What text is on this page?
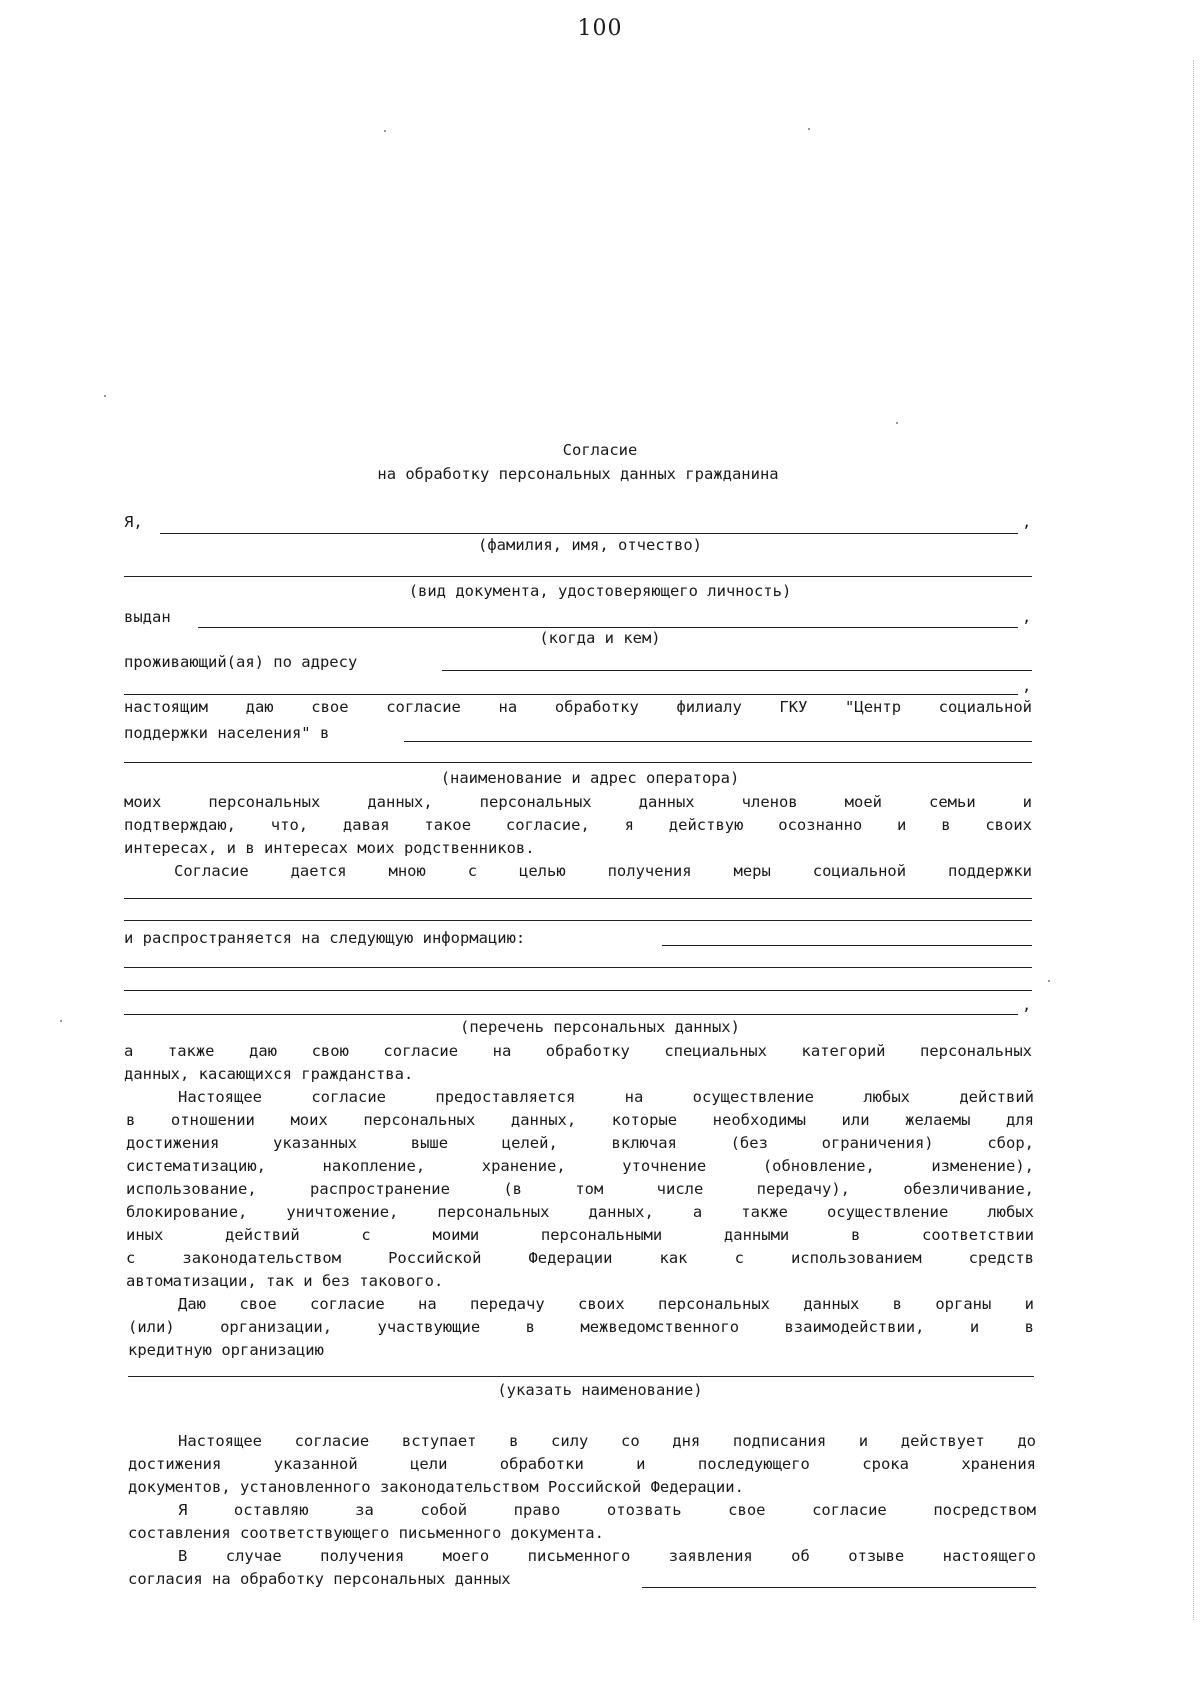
100
Согласие
на обработку персональных данных гражданина
Я,	,
(фамилия, имя, отчество)
(вид документа, удостоверяющего личность)
выдан	,
(когда и кем)
проживающий(ая) по адресу
,
настоящим даю свое согласие на обработку филиалу ГКУ "Центр социальной
поддержки населения" в
(наименование и адрес оператора)
моих персональных данных, персональных данных членов моей семьи и
подтверждаю, что, давая такое согласие, я действую осознанно и в своих
интересах, и в интересах моих родственников.
Согласие дается мною с целью получения меры социальной поддержки
и распространяется на следующую информацию:
,
(перечень персональных данных)
а также даю свою согласие на обработку специальных категорий персональных
данных, касающихся гражданства.
Настоящее согласие предоставляется на осуществление любых действий
в отношении моих персональных данных, которые необходимы или желаемы для
достижения указанных выше целей, включая (без ограничения) сбор,
систематизацию, накопление, хранение, уточнение (обновление, изменение),
использование, распространение (в том числе передачу), обезличивание,
блокирование, уничтожение, персональных данных, а также осуществление любых
иных действий с моими персональными данными в соответствии
с законодательством Российской Федерации как с использованием средств
автоматизации, так и без такового.
Даю свое согласие на передачу своих персональных данных в органы и
(или) организации, участвующие в межведомственного взаимодействии, и в
кредитную организацию
(указать наименование)
Настоящее согласие вступает в силу со дня подписания и действует до
достижения указанной цели обработки и последующего срока хранения
документов, установленного законодательством Российской Федерации.
Я оставляю за собой право отозвать свое согласие посредством
составления соответствующего письменного документа.
В случае получения моего письменного заявления об отзыве настоящего
согласия на обработку персональных данных
